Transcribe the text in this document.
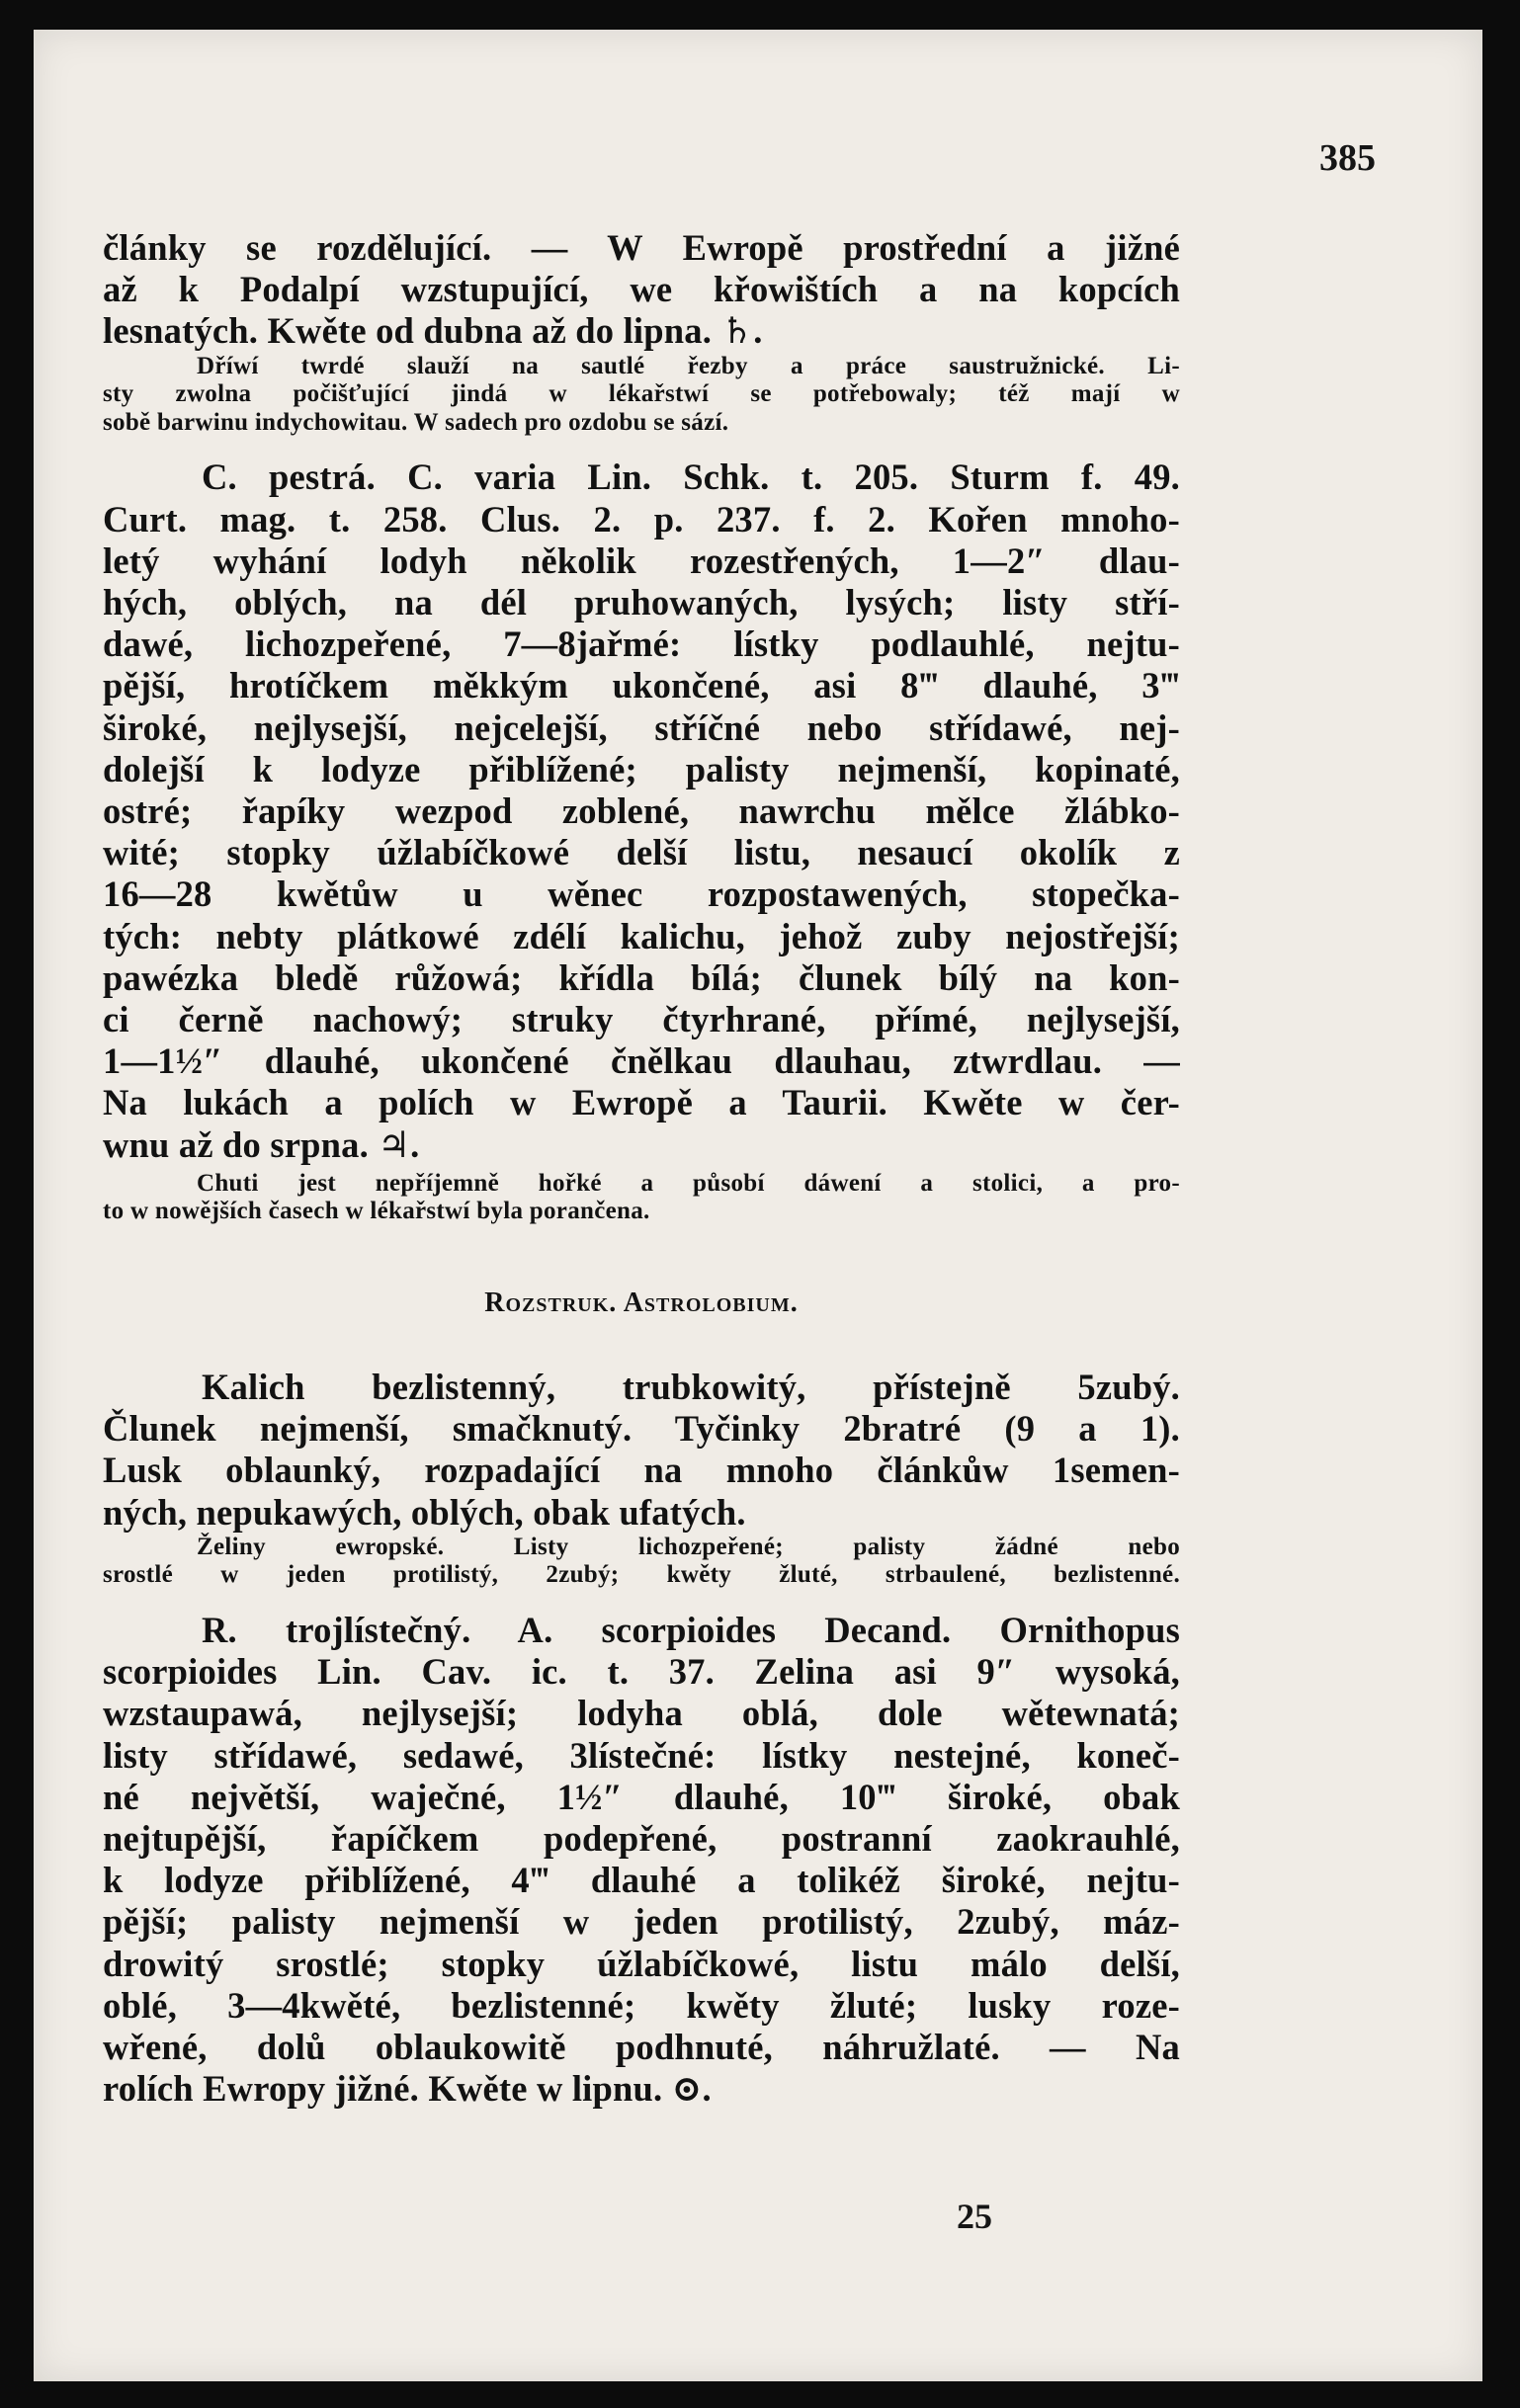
385
články se rozdělující. — W Ewropě prostřední a jižné
až k Podalpí wzstupující, we křowištích a na kopcích
lesnatých. Kwěte od dubna až do lipna. ♄.
Dříwí twrdé slauží na sautlé řezby a práce saustružnické. Li-
sty zwolna počišťující jindá w lékařstwí se potřebowaly; též mají w
sobě barwinu indychowitau. W sadech pro ozdobu se sází.
C. pestrá. C. varia Lin. Schk. t. 205. Sturm f. 49.
Curt. mag. t. 258. Clus. 2. p. 237. f. 2. Kořen mnoho-
letý wyhání lodyh několik rozestřených, 1—2″ dlau-
hých, oblých, na dél pruhowaných, lysých; listy stří-
dawé, lichozpeřené, 7—8jařmé: lístky podlauhlé, nejtu-
pější, hrotíčkem měkkým ukončené, asi 8‴ dlauhé, 3‴
široké, nejlysejší, nejcelejší, stříčné nebo střídawé, nej-
dolejší k lodyze přiblížené; palisty nejmenší, kopinaté,
ostré; řapíky wezpod zoblené, nawrchu mělce žlábko-
wité; stopky úžlabíčkowé delší listu, nesaucí okolík z
16—28 kwětůw u wěnec rozpostawených, stopečka-
tých: nebty plátkowé zdélí kalichu, jehož zuby nejostřejší;
pawézka bledě růžowá; křídla bílá; člunek bílý na kon-
ci černě nachowý; struky čtyrhrané, přímé, nejlysejší,
1—1½″ dlauhé, ukončené čnělkau dlauhau, ztwrdlau. —
Na lukách a polích w Ewropě a Taurii. Kwěte w čer-
wnu až do srpna. ♃.
Chuti jest nepříjemně hořké a působí dáwení a stolici, a pro-
to w nowějších časech w lékařstwí byla porančena.
Rozstruk. Astrolobium.
Kalich bezlistenný, trubkowitý, přístejně 5zubý.
Člunek nejmenší, smačknutý. Tyčinky 2bratré (9 a 1).
Lusk oblaunký, rozpadající na mnoho článkůw 1semen-
ných, nepukawých, oblých, obak ufatých.
Želiny ewropské. Listy lichozpeřené; palisty žádné nebo
srostlé w jeden protilistý, 2zubý; kwěty žluté, strbaulené, bezlistenné.
R. trojlístečný. A. scorpioides Decand. Ornithopus
scorpioides Lin. Cav. ic. t. 37. Zelina asi 9″ wysoká,
wzstaupawá, nejlysejší; lodyha oblá, dole wětewnatá;
listy střídawé, sedawé, 3lístečné: lístky nestejné, koneč-
né největší, waječné, 1½″ dlauhé, 10‴ široké, obak
nejtupější, řapíčkem podepřené, postranní zaokrauhlé,
k lodyze přiblížené, 4‴ dlauhé a tolikéž široké, nejtu-
pější; palisty nejmenší w jeden protilistý, 2zubý, máz-
drowitý srostlé; stopky úžlabíčkowé, listu málo delší,
oblé, 3—4kwěté, bezlistenné; kwěty žluté; lusky roze-
wřené, dolů oblaukowitě podhnuté, náhružlaté. — Na
rolích Ewropy jižné. Kwěte w lipnu. ⊙.
25
